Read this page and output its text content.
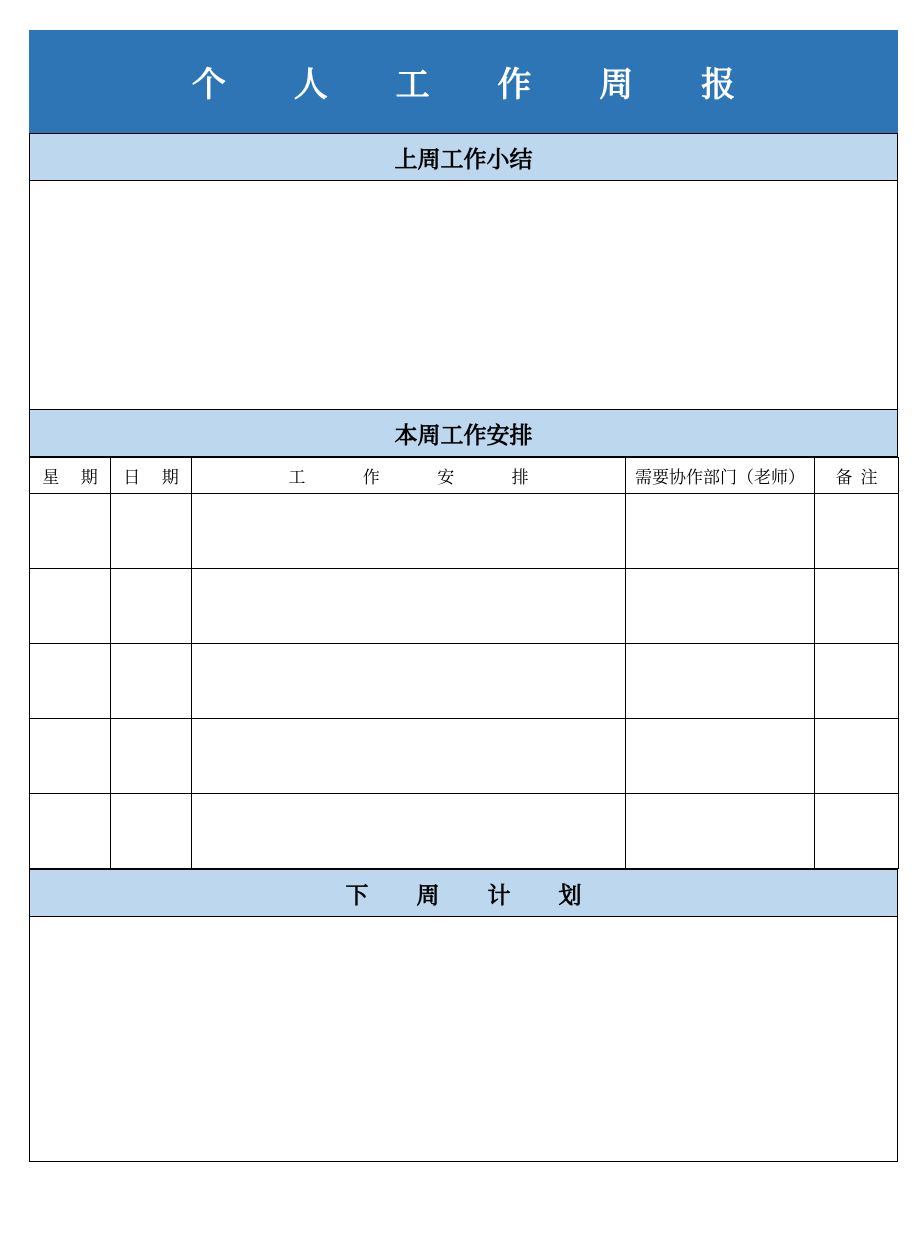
个 人 工 作 周 报
上周工作小结
本周工作安排
星 期	日 期	工 作 安 排	需要协作部门（老师）	备注

下 周 计 划
